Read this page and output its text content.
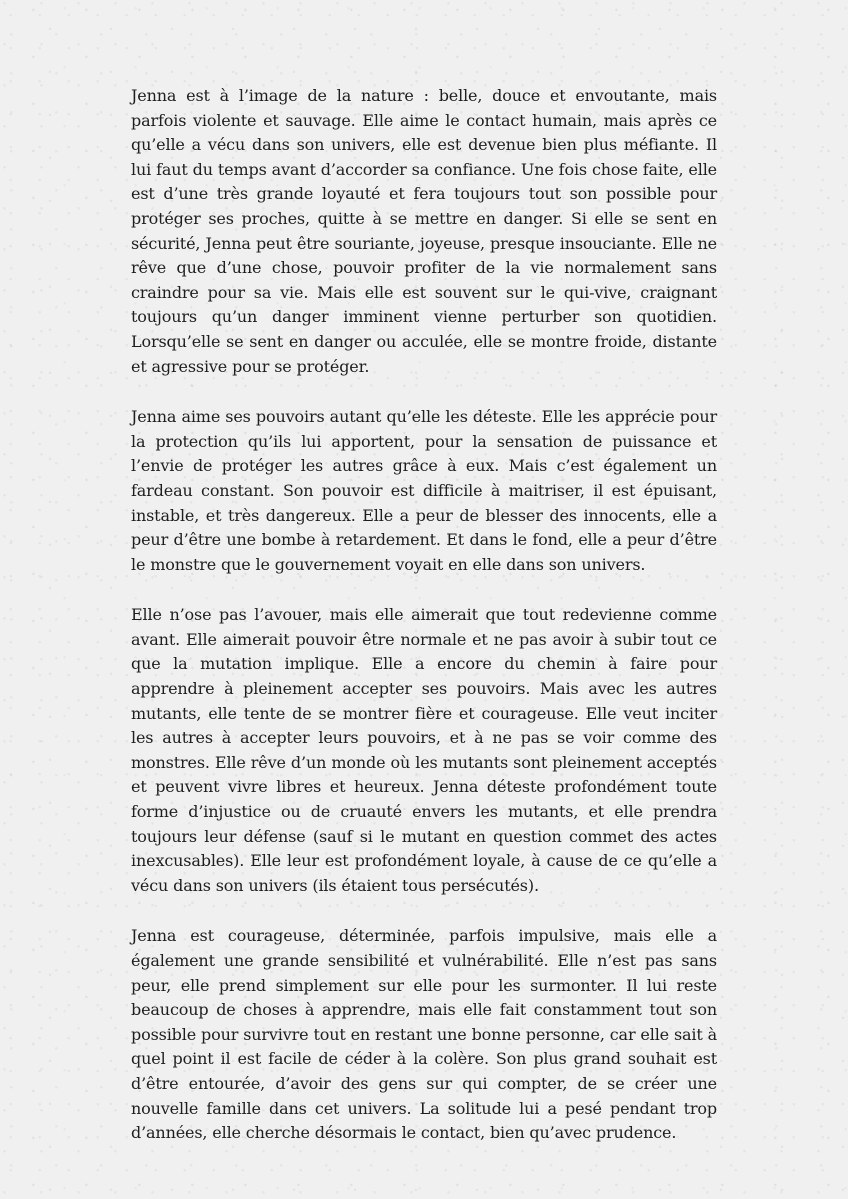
Jenna est à l’image de la nature : belle, douce et envoutante, mais parfois violente et sauvage. Elle aime le contact humain, mais après ce qu’elle a vécu dans son univers, elle est devenue bien plus méfiante. Il lui faut du temps avant d’accorder sa confiance. Une fois chose faite, elle est d’une très grande loyauté et fera toujours tout son possible pour protéger ses proches, quitte à se mettre en danger. Si elle se sent en sécurité, Jenna peut être souriante, joyeuse, presque insouciante. Elle ne rêve que d’une chose, pouvoir profiter de la vie normalement sans craindre pour sa vie. Mais elle est souvent sur le qui-vive, craignant toujours qu’un danger imminent vienne perturber son quotidien. Lorsqu’elle se sent en danger ou acculée, elle se montre froide, distante et agressive pour se protéger.

Jenna aime ses pouvoirs autant qu’elle les déteste. Elle les apprécie pour la protection qu’ils lui apportent, pour la sensation de puissance et l’envie de protéger les autres grâce à eux. Mais c’est également un fardeau constant. Son pouvoir est difficile à maitriser, il est épuisant, instable, et très dangereux. Elle a peur de blesser des innocents, elle a peur d’être une bombe à retardement. Et dans le fond, elle a peur d’être le monstre que le gouvernement voyait en elle dans son univers.

Elle n’ose pas l’avouer, mais elle aimerait que tout redevienne comme avant. Elle aimerait pouvoir être normale et ne pas avoir à subir tout ce que la mutation implique. Elle a encore du chemin à faire pour apprendre à pleinement accepter ses pouvoirs. Mais avec les autres mutants, elle tente de se montrer fière et courageuse. Elle veut inciter les autres à accepter leurs pouvoirs, et à ne pas se voir comme des monstres. Elle rêve d’un monde où les mutants sont pleinement acceptés et peuvent vivre libres et heureux. Jenna déteste profondément toute forme d’injustice ou de cruauté envers les mutants, et elle prendra toujours leur défense (sauf si le mutant en question commet des actes inexcusables). Elle leur est profondément loyale, à cause de ce qu’elle a vécu dans son univers (ils étaient tous persécutés).

Jenna est courageuse, déterminée, parfois impulsive, mais elle a également une grande sensibilité et vulnérabilité. Elle n’est pas sans peur, elle prend simplement sur elle pour les surmonter. Il lui reste beaucoup de choses à apprendre, mais elle fait constamment tout son possible pour survivre tout en restant une bonne personne, car elle sait à quel point il est facile de céder à la colère. Son plus grand souhait est d’être entourée, d’avoir des gens sur qui compter, de se créer une nouvelle famille dans cet univers. La solitude lui a pesé pendant trop d’années, elle cherche désormais le contact, bien qu’avec prudence.
